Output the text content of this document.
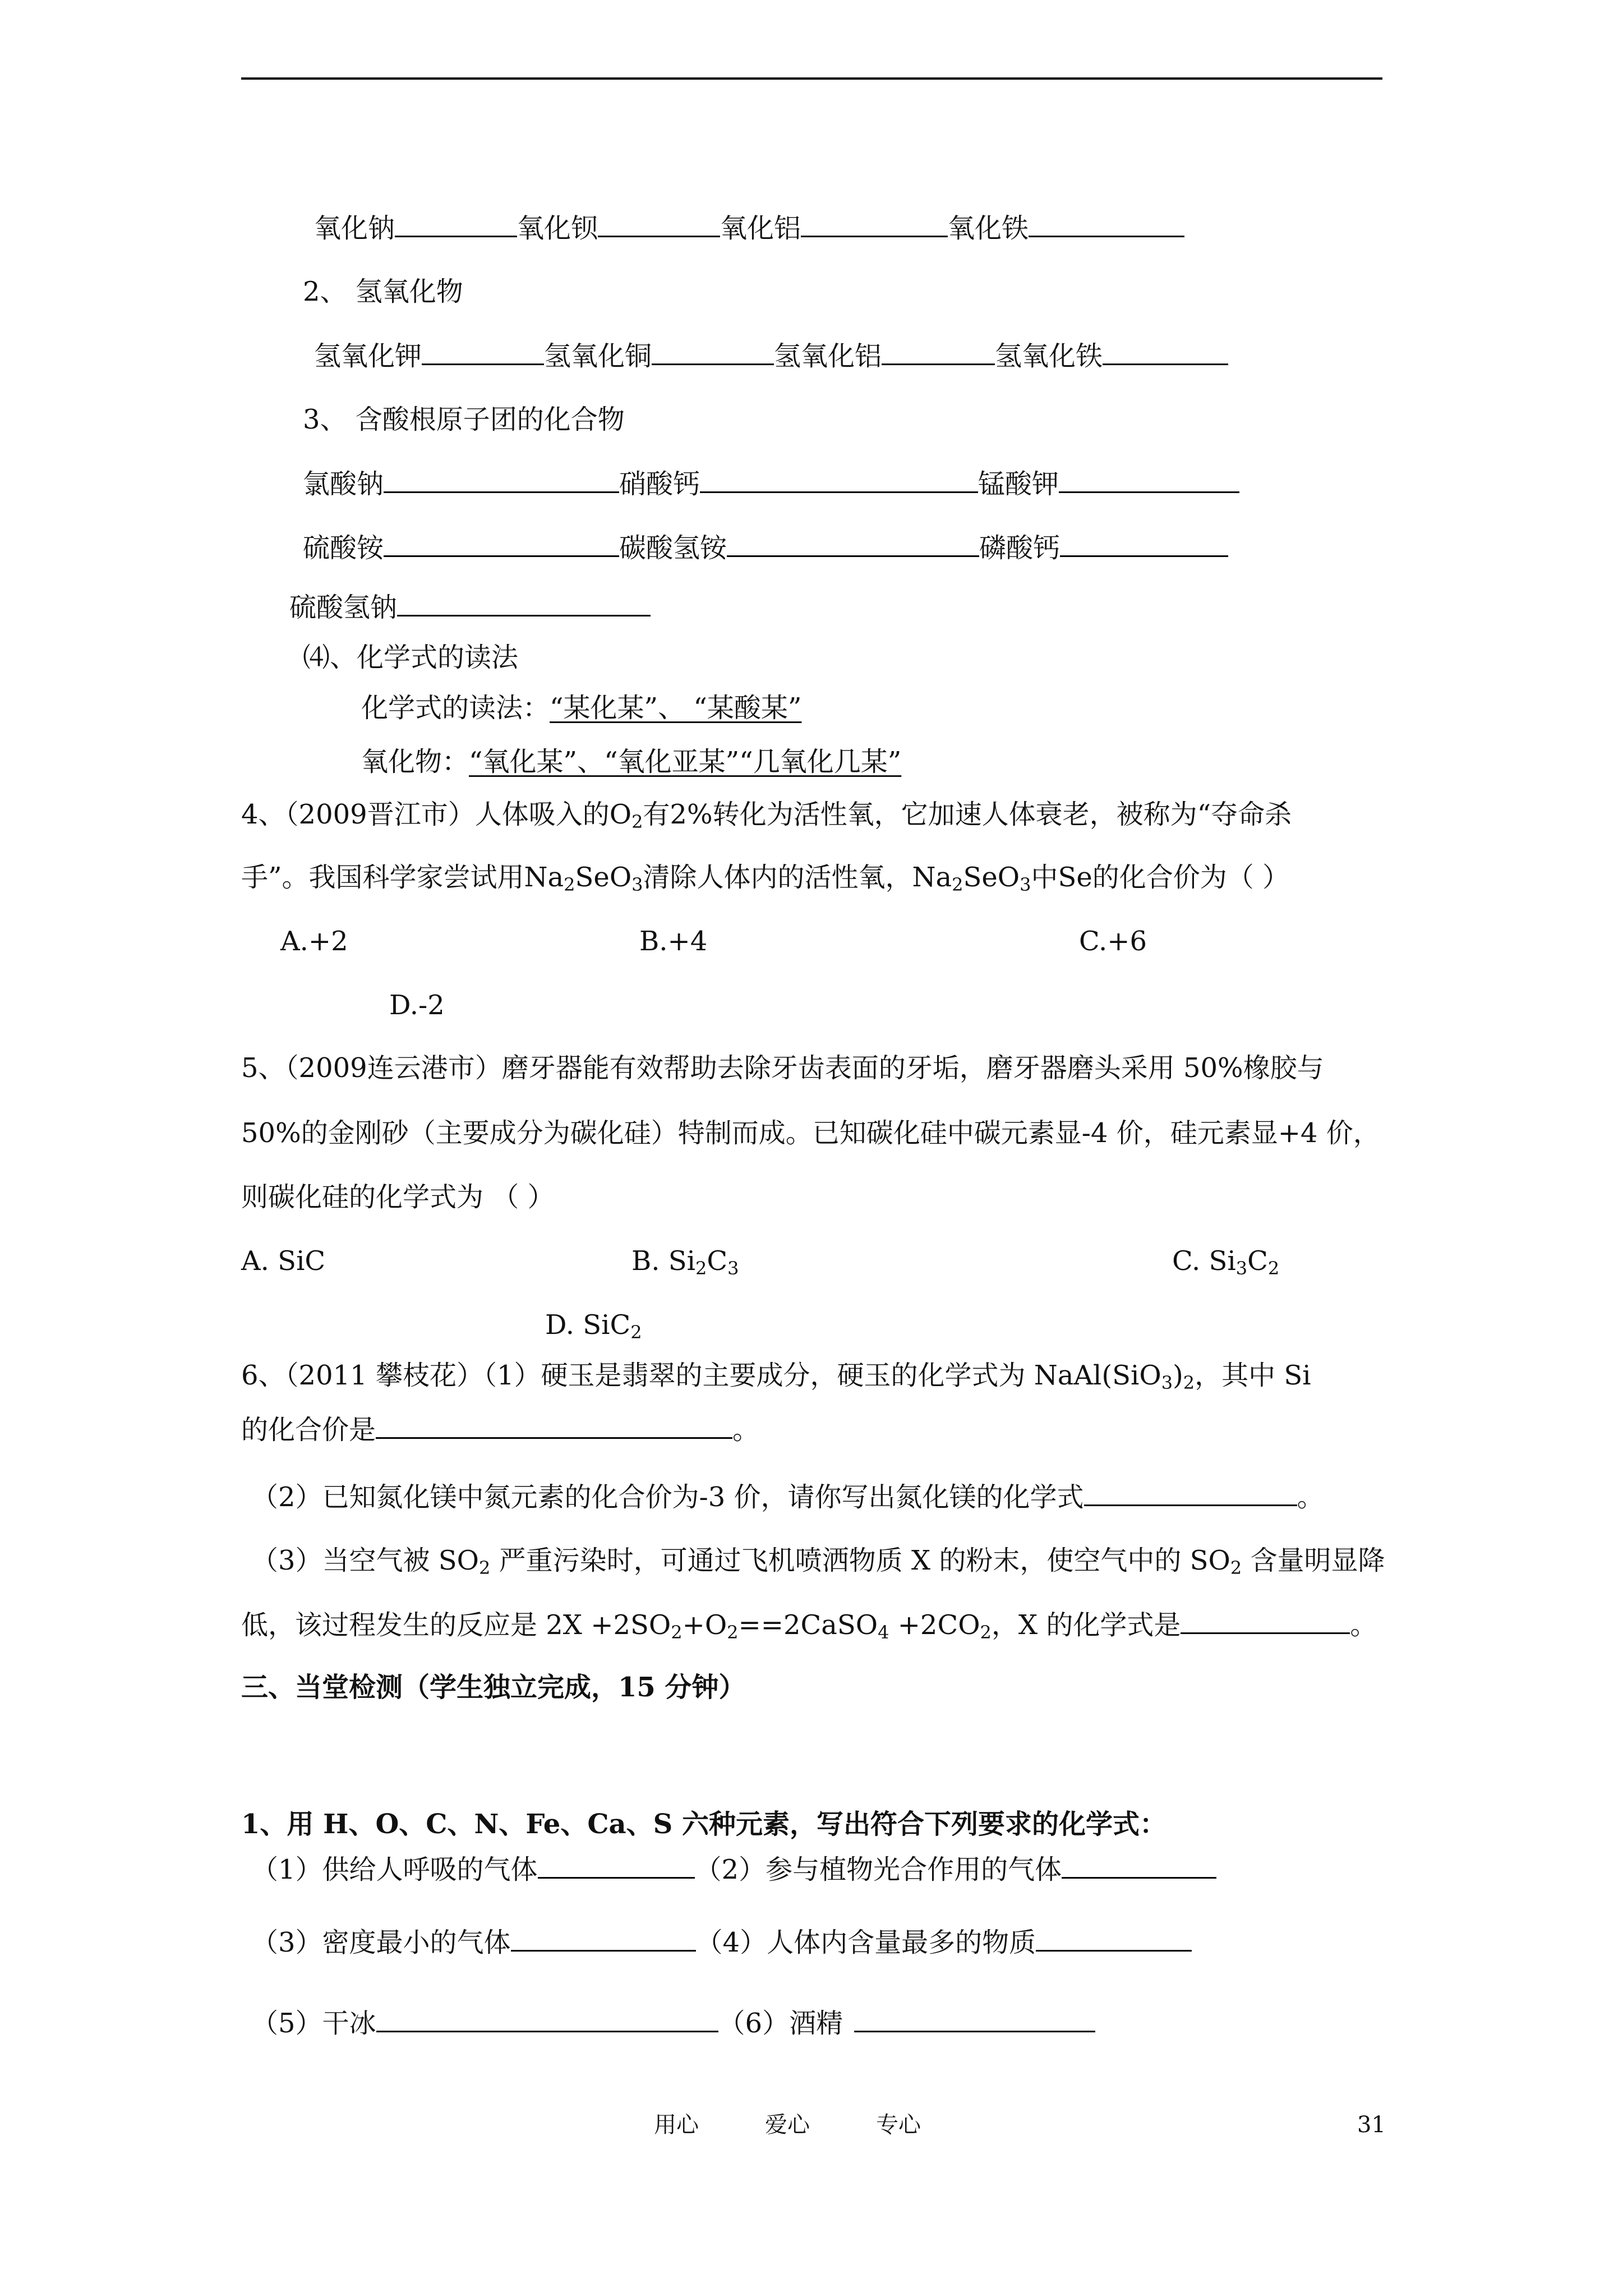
氧化钠	氧化钡	氧化铝	氧化铁
2、 氢氧化物
氢氧化钾	氢氧化铜	氢氧化铝	氢氧化铁
3、 含酸根原子团的化合物
氯酸钠	硝酸钙	锰酸钾
硫酸铵	碳酸氢铵	磷酸钙
硫酸氢钠
⑷、化学式的读法
化学式的读法：“某化某”、 “某酸某”
氧化物：“氧化某”、“氧化亚某”“几氧化几某”
4、（2009晋江市）人体吸入的$O_2$有2%转化为活性氧，它加速人体衰老，被称为“夺命杀
手”。我国科学家尝试用$Na_2SeO_3$清除人体内的活性氧，$Na_2SeO_3$中Se的化合价为（ ）
A.+2	B.+4	C.+6
D.-2
5、（2009连云港市）磨牙器能有效帮助去除牙齿表面的牙垢，磨牙器磨头采用 50%橡胶与
50%的金刚砂（主要成分为碳化硅）特制而成。已知碳化硅中碳元素显-4 价，硅元素显+4 价，
则碳化硅的化学式为 （ ）
A. SiC	B. $Si_2C_3$	C. $Si_3C_2$
D. SiC$_2$
6、（2011 攀枝花）（1）硬玉是翡翠的主要成分，硬玉的化学式为 $NaAl(SiO_3)_2$，其中 Si
的化合价是	。
（2）已知氮化镁中氮元素的化合价为-3 价，请你写出氮化镁的化学式	。
（3）当空气被 $SO_2$ 严重污染时，可通过飞机喷洒物质 X 的粉末，使空气中的 $SO_2$ 含量明显降
低，该过程发生的反应是 $2X +2SO_2+O_2==2CaSO_4 +2CO_2$，X 的化学式是	。
三、当堂检测（学生独立完成，15 分钟）
1、用 H、O、C、N、Fe、Ca、S 六种元素，写出符合下列要求的化学式：
（1）供给人呼吸的气体	（2）参与植物光合作用的气体
（3）密度最小的气体	（4）人体内含量最多的物质
（5）干冰	（6）酒精
用心	爱心	专心	31
